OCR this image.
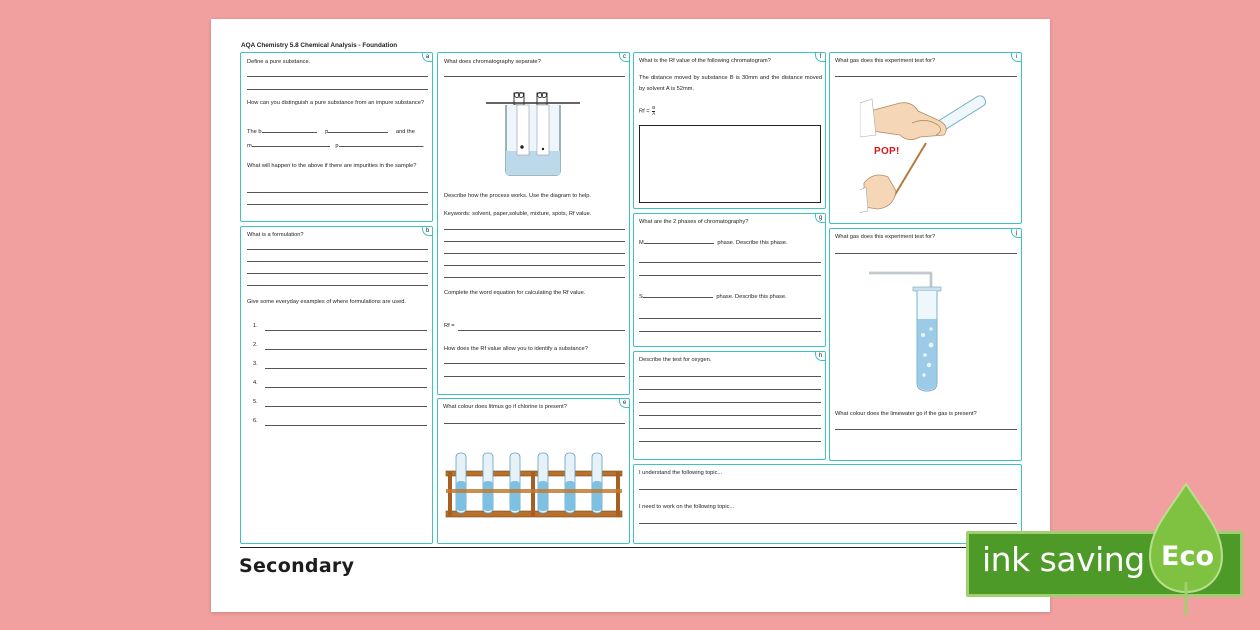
AQA Chemistry 5.8 Chemical Analysis - Foundation
a
Define a pure substance.
How can you distinguish a pure substance from an impure substance?
The b	p	and the
m	p	.
What will happen to the above if there are impurities in the sample?
b
What is a formulation?
Give some everyday examples of where formulations are used.
1.
2.
3.
4.
5.
6.
c
What does chromatography separate?
Describe how the process works. Use the diagram to help.
Keywords: solvent, paper,soluble, mixture, spots, Rf value.
Complete the word equation for calculating the Rf value.
Rf =
How does the Rf value allow you to identify a substance?
e
What colour does litmus go if chlorine is present?
f
What is the Rf value of the following chromatogram?
The distance moved by substance B is 30mm and the distance moved by solvent A is 52mm.
$Rf = \frac{B}{A}$
g
What are the 2 phases of chromatography?
M	phase. Describe this phase.
S	phase. Describe this phase.
h
Describe the test for oxygen.
i
What gas does this experiment test for?
POP!
j
What gas does this experiment test for?
What colour does the limewater go if the gas is present?
I understand the following topic...
I need to work on the following topic...
Secondary	ink saving Eco
